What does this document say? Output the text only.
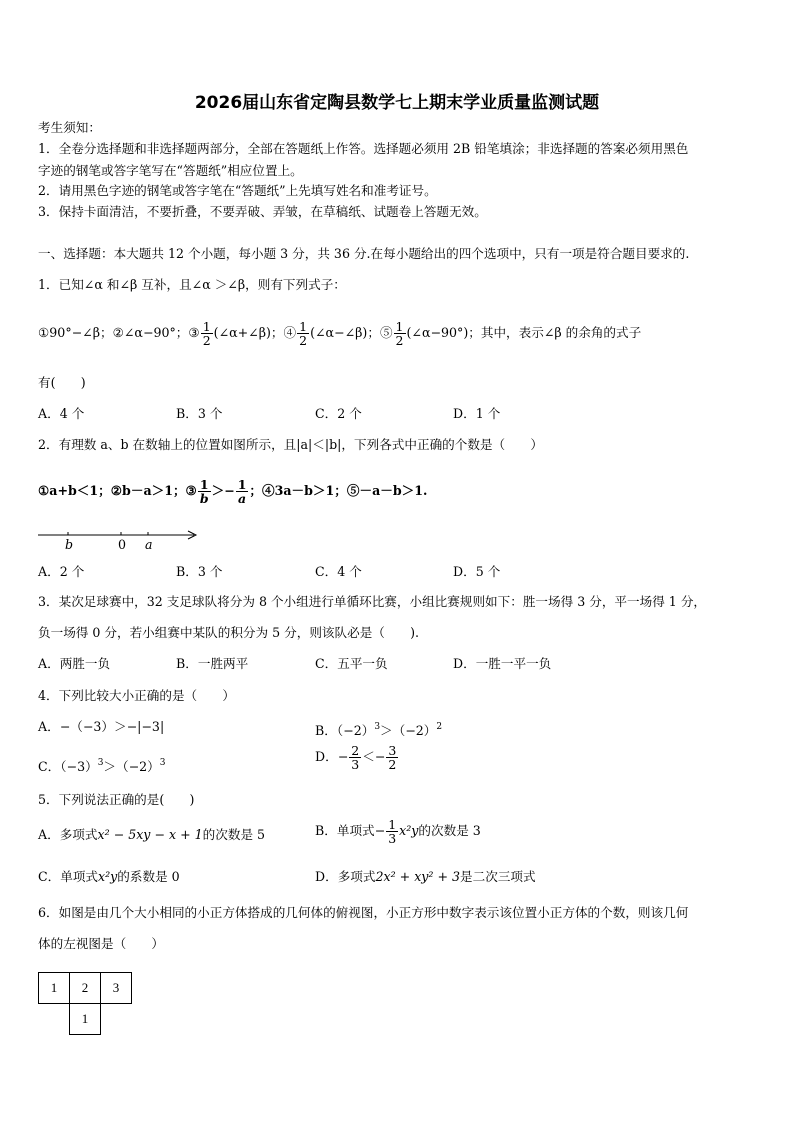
2026届山东省定陶县数学七上期末学业质量监测试题
考生须知：
1．全卷分选择题和非选择题两部分，全部在答题纸上作答。选择题必须用 2B 铅笔填涂；非选择题的答案必须用黑色
字迹的钢笔或答字笔写在“答题纸”相应位置上。
2．请用黑色字迹的钢笔或答字笔在“答题纸”上先填写姓名和准考证号。
3．保持卡面清洁，不要折叠，不要弄破、弄皱，在草稿纸、试题卷上答题无效。
一、选择题：本大题共 12 个小题，每小题 3 分，共 36 分.在每小题给出的四个选项中，只有一项是符合题目要求的.
1．已知∠α 和∠β 互补，且∠α ＞∠β，则有下列式子：
①90°−∠β；②∠α−90°；③ $\frac{1}{2}$ (∠α+∠β)；④ $\frac{1}{2}$ (∠α−∠β)；⑤ $\frac{1}{2}$ (∠α−90°)；其中，表示∠β 的余角的式子
有(　　)
A．4 个	B．3 个	C．2 个	D．1 个
2．有理数 a、b 在数轴上的位置如图所示，且|a|＜|b|，下列各式中正确的个数是（　　）
①a+b＜1；②b－a＞1；③ $\frac{1}{b} >- \frac{1}{a}$ ；④3a－b＞1；⑤－a－b＞1.
b	0 a
A．2 个	B．3 个	C．4 个	D．5 个
3．某次足球赛中，32 支足球队将分为 8 个小组进行单循环比赛，小组比赛规则如下：胜一场得 3 分，平一场得 1 分，
负一场得 0 分，若小组赛中某队的积分为 5 分，则该队必是（　　).
A．两胜一负	B．一胜两平	C．五平一负	D．一胜一平一负
4．下列比较大小正确的是（　　）
A．−（−3）＞−|−3|	B．$(-2)^3>(-2)^2$
C．$(-3)^3>(-2)^3$	D．− $\frac{2}{3} <- \frac{3}{2}$
5．下列说法正确的是(　　)
A．多项式x² − 5xy − x + 1的次数是 5	B．单项式− $\frac{1}{3} x^2y$的次数是 3
C．单项式x²y的系数是 0	D．多项式2x² + xy² + 3是二次三项式
6．如图是由几个大小相同的小正方体搭成的几何体的俯视图，小正方形中数字表示该位置小正方体的个数，则该几何
体的左视图是（　　）
1	2	3
	1	
